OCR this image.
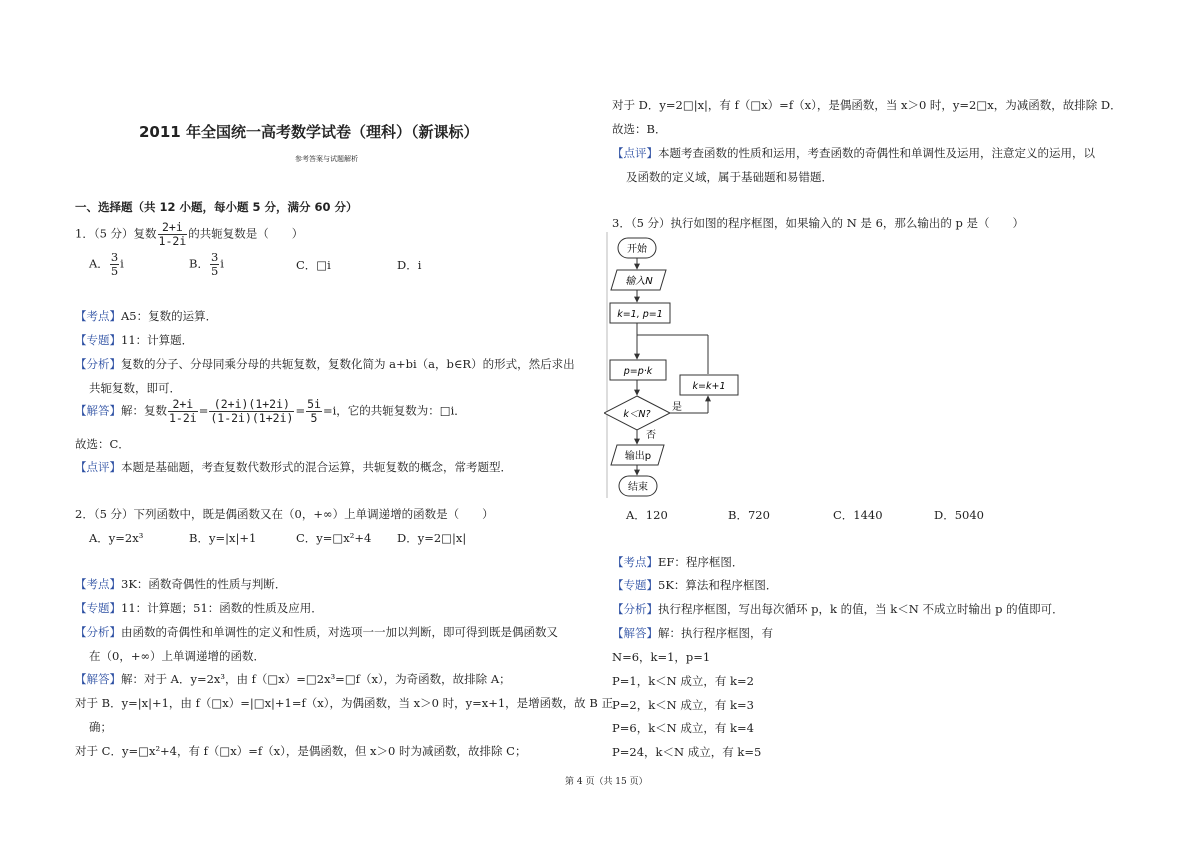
2011 年全国统一高考数学试卷（理科）（新课标）
参考答案与试题解析
一、选择题（共 12 小题，每小题 5 分，满分 60 分）
1．（5 分）复数 $\frac{2+i}{1-2i}$ 的共轭复数是（　　）
A． $\frac{3}{5}$ i	B． $\frac{3}{5}$ i	C．□i	D．i
【考点】A5：复数的运算．
【专题】11：计算题．
【分析】复数的分子、分母同乘分母的共轭复数，复数化简为 a+bi（a，b∈R）的形式，然后求出
共轭复数，即可．
【解答】解：复数 $\frac{2+i}{1-2i} = \frac{(2+i)(1+2i)}{(1-2i)(1+2i)} = \frac{5i}{5} =i$，它的共轭复数为：□i．
故选：C．
【点评】本题是基础题，考查复数代数形式的混合运算，共轭复数的概念，常考题型．
2．（5 分）下列函数中，既是偶函数又在（0，+∞）上单调递增的函数是（　　）
A．y=2x³	B．y=|x|+1	C．y=□x²+4 D．y=2□|x|
【考点】3K：函数奇偶性的性质与判断．
【专题】11：计算题；51：函数的性质及应用．
【分析】由函数的奇偶性和单调性的定义和性质，对选项一一加以判断，即可得到既是偶函数又
在（0，+∞）上单调递增的函数．
【解答】解：对于 A．y=2x³，由 f（□x）=□2x³=□f（x），为奇函数，故排除 A；
对于 B．y=|x|+1，由 f（□x）=|□x|+1=f（x），为偶函数，当 x＞0 时，y=x+1，是增函数，故 B 正
确；
对于 C．y=□x²+4，有 f（□x）=f（x），是偶函数，但 x＞0 时为减函数，故排除 C；
对于 D．y=2□|x|，有 f（□x）=f（x），是偶函数，当 x＞0 时，y=2□x，为减函数，故排除 D．
故选：B．
【点评】本题考查函数的性质和运用，考查函数的奇偶性和单调性及运用，注意定义的运用，以
及函数的定义域，属于基础题和易错题．
3．（5 分）执行如图的程序框图，如果输入的 N 是 6，那么输出的 p 是（　　）
开始
输入N
k=1, p=1
p=p·k
k=k+1
k＜N?
是
否
输出p
结束
A．120	B．720	C．1440	D．5040
【考点】EF：程序框图．
【专题】5K：算法和程序框图．
【分析】执行程序框图，写出每次循环 p，k 的值，当 k＜N 不成立时输出 p 的值即可．
【解答】解：执行程序框图，有
N=6，k=1，p=1
P=1，k＜N 成立，有 k=2
P=2，k＜N 成立，有 k=3
P=6，k＜N 成立，有 k=4
P=24，k＜N 成立，有 k=5
第 4 页（共 15 页）
